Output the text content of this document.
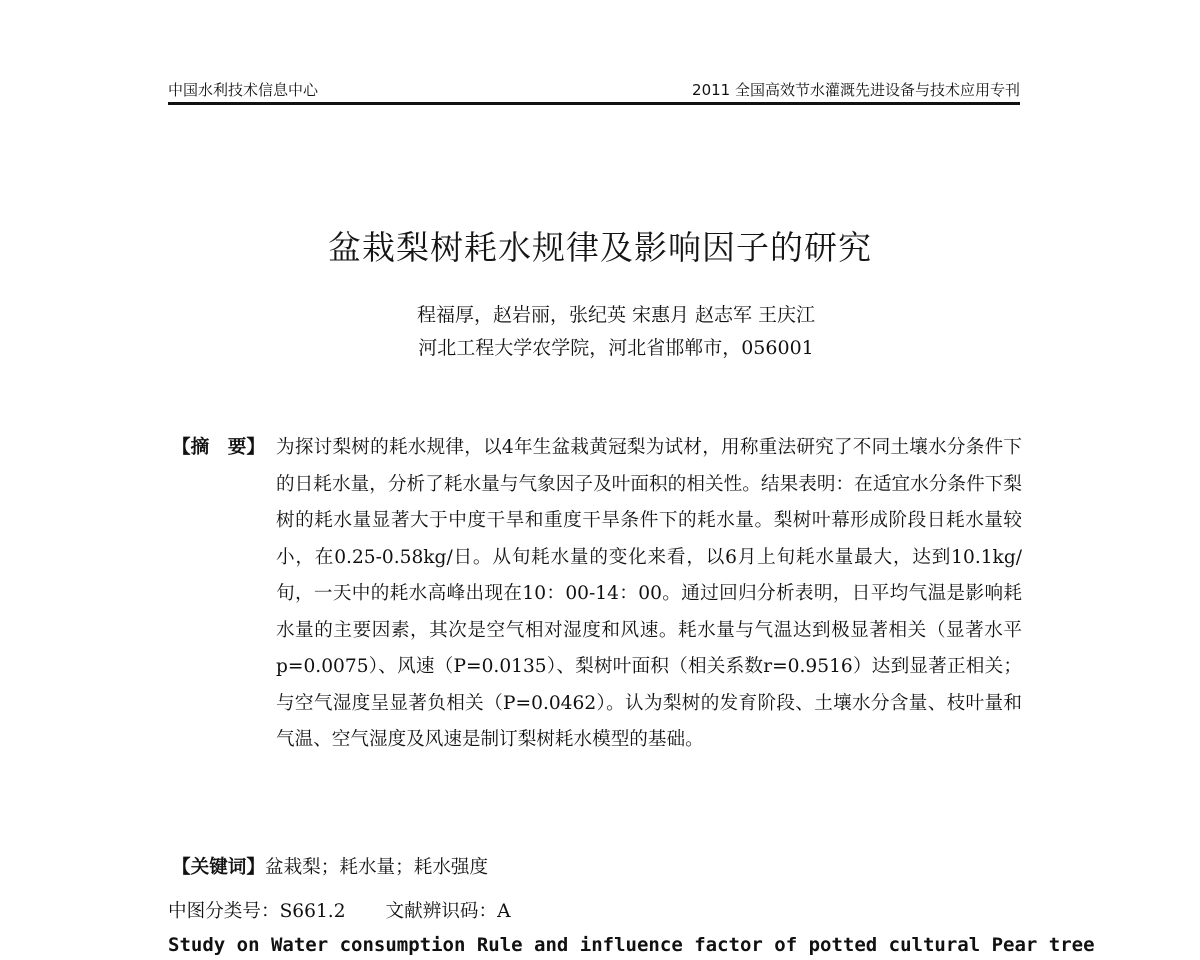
中国水利技术信息中心	2011 全国高效节水灌溉先进设备与技术应用专刊
盆栽梨树耗水规律及影响因子的研究
程福厚，赵岩丽，张纪英 宋惠月 赵志军 王庆江
河北工程大学农学院，河北省邯郸市，056001
【摘　要】 为探讨梨树的耗水规律，以4年生盆栽黄冠梨为试材，用称重法研究了不同土壤水分条件下的日耗水量，分析了耗水量与气象因子及叶面积的相关性。结果表明：在适宜水分条件下梨树的耗水量显著大于中度干旱和重度干旱条件下的耗水量。梨树叶幕形成阶段日耗水量较小，在0.25-0.58kg/日。从旬耗水量的变化来看，以6月上旬耗水量最大，达到10.1kg/旬，一天中的耗水高峰出现在10：00-14：00。通过回归分析表明，日平均气温是影响耗水量的主要因素，其次是空气相对湿度和风速。耗水量与气温达到极显著相关（显著水平 p=0.0075）、风速（P=0.0135）、梨树叶面积（相关系数r=0.9516）达到显著正相关；与空气湿度呈显著负相关（P=0.0462）。认为梨树的发育阶段、土壤水分含量、枝叶量和气温、空气湿度及风速是制订梨树耗水模型的基础。
【关键词】盆栽梨；耗水量；耗水强度
中图分类号：S661.2 文献辨识码：A
Study on Water consumption Rule and influence factor of potted cultural Pear tree
